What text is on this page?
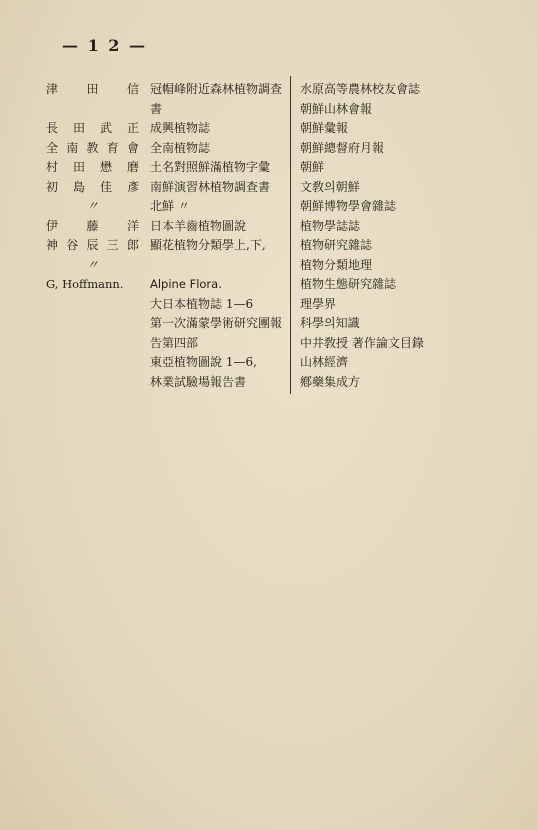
— 1 2 —
津 田 信
長田武正
全南教育會
村田懋磨
初島佳彥
〃
伊藤洋
神谷辰三郎
〃
G, Hoffmann.
冠帽峰附近森林植物調查
書
成興植物誌
全南植物誌
土名對照鮮滿植物字彙
南鮮演習林植物調查書
北鮮 〃
日本羊齒植物圖說
顯花植物分類學上,下,
Alpine Flora.
大日本植物誌 1—6
第一次滿蒙學術研究團報
告第四部
東亞植物圖說 1—6,
林業試驗場報告書
水原高等農林校友會誌
朝鮮山林會報
朝鮮彙報
朝鮮總督府月報
朝鮮
文敎의朝鮮
朝鮮博物學會雜誌
植物學誌誌
植物研究雜誌
植物分類地理
植物生態研究雜誌
理學界
科學의知識
中井敎授 著作論文目錄
山林經濟
鄕藥集成方
